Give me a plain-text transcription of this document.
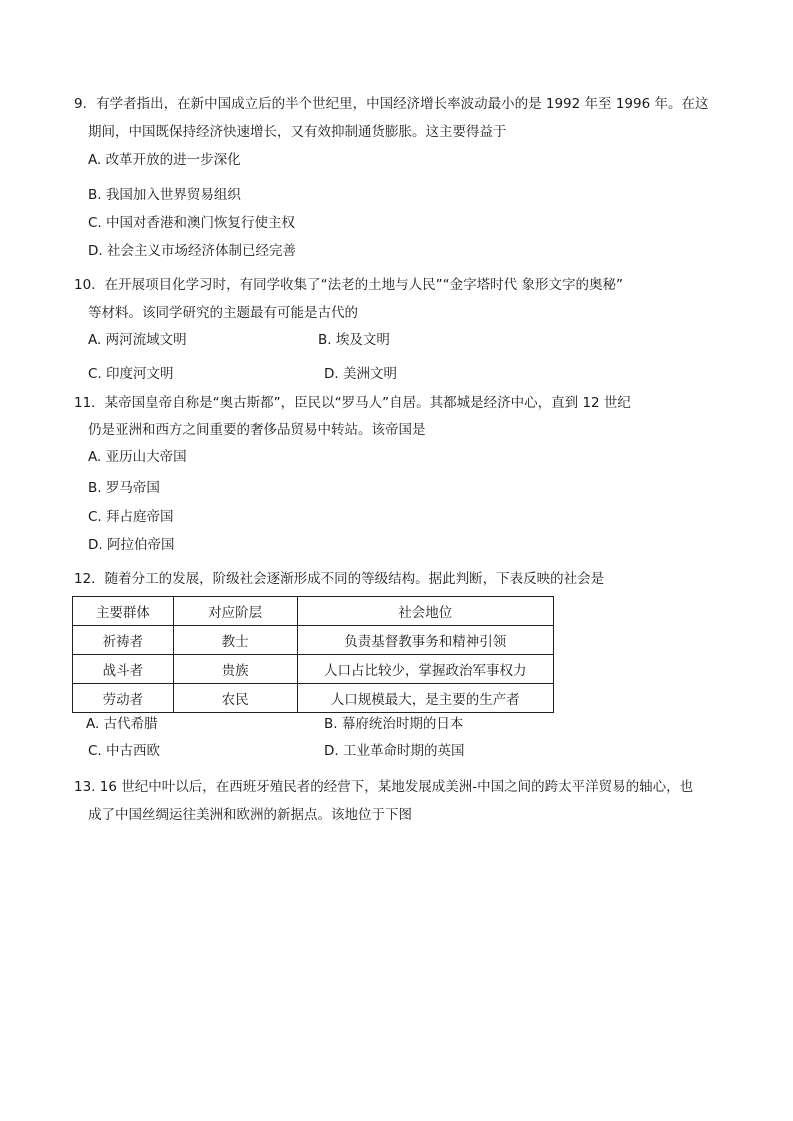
9．有学者指出，在新中国成立后的半个世纪里，中国经济增长率波动最小的是 1992 年至 1996 年。在这
期间，中国既保持经济快速增长，又有效抑制通货膨胀。这主要得益于
A. 改革开放的进一步深化
B. 我国加入世界贸易组织
C. 中国对香港和澳门恢复行使主权
D. 社会主义市场经济体制已经完善
10．在开展项目化学习时，有同学收集了“法老的土地与人民”“金字塔时代 象形文字的奥秘”
等材料。该同学研究的主题最有可能是古代的
A. 两河流域文明	B. 埃及文明
C. 印度河文明	D. 美洲文明
11．某帝国皇帝自称是“奥古斯都”，臣民以“罗马人”自居。其都城是经济中心，直到 12 世纪
仍是亚洲和西方之间重要的奢侈品贸易中转站。该帝国是
A. 亚历山大帝国
B. 罗马帝国
C. 拜占庭帝国
D. 阿拉伯帝国
12．随着分工的发展，阶级社会逐渐形成不同的等级结构。据此判断，下表反映的社会是
主要群体	对应阶层	社会地位
祈祷者	教士	负责基督教事务和精神引领
战斗者	贵族	人口占比较少，掌握政治军事权力
劳动者	农民	人口规模最大，是主要的生产者
A. 古代希腊	B. 幕府统治时期的日本
C. 中古西欧	D. 工业革命时期的英国
13. 16 世纪中叶以后，在西班牙殖民者的经营下，某地发展成美洲-中国之间的跨太平洋贸易的轴心，也
成了中国丝绸运往美洲和欧洲的新据点。该地位于下图
